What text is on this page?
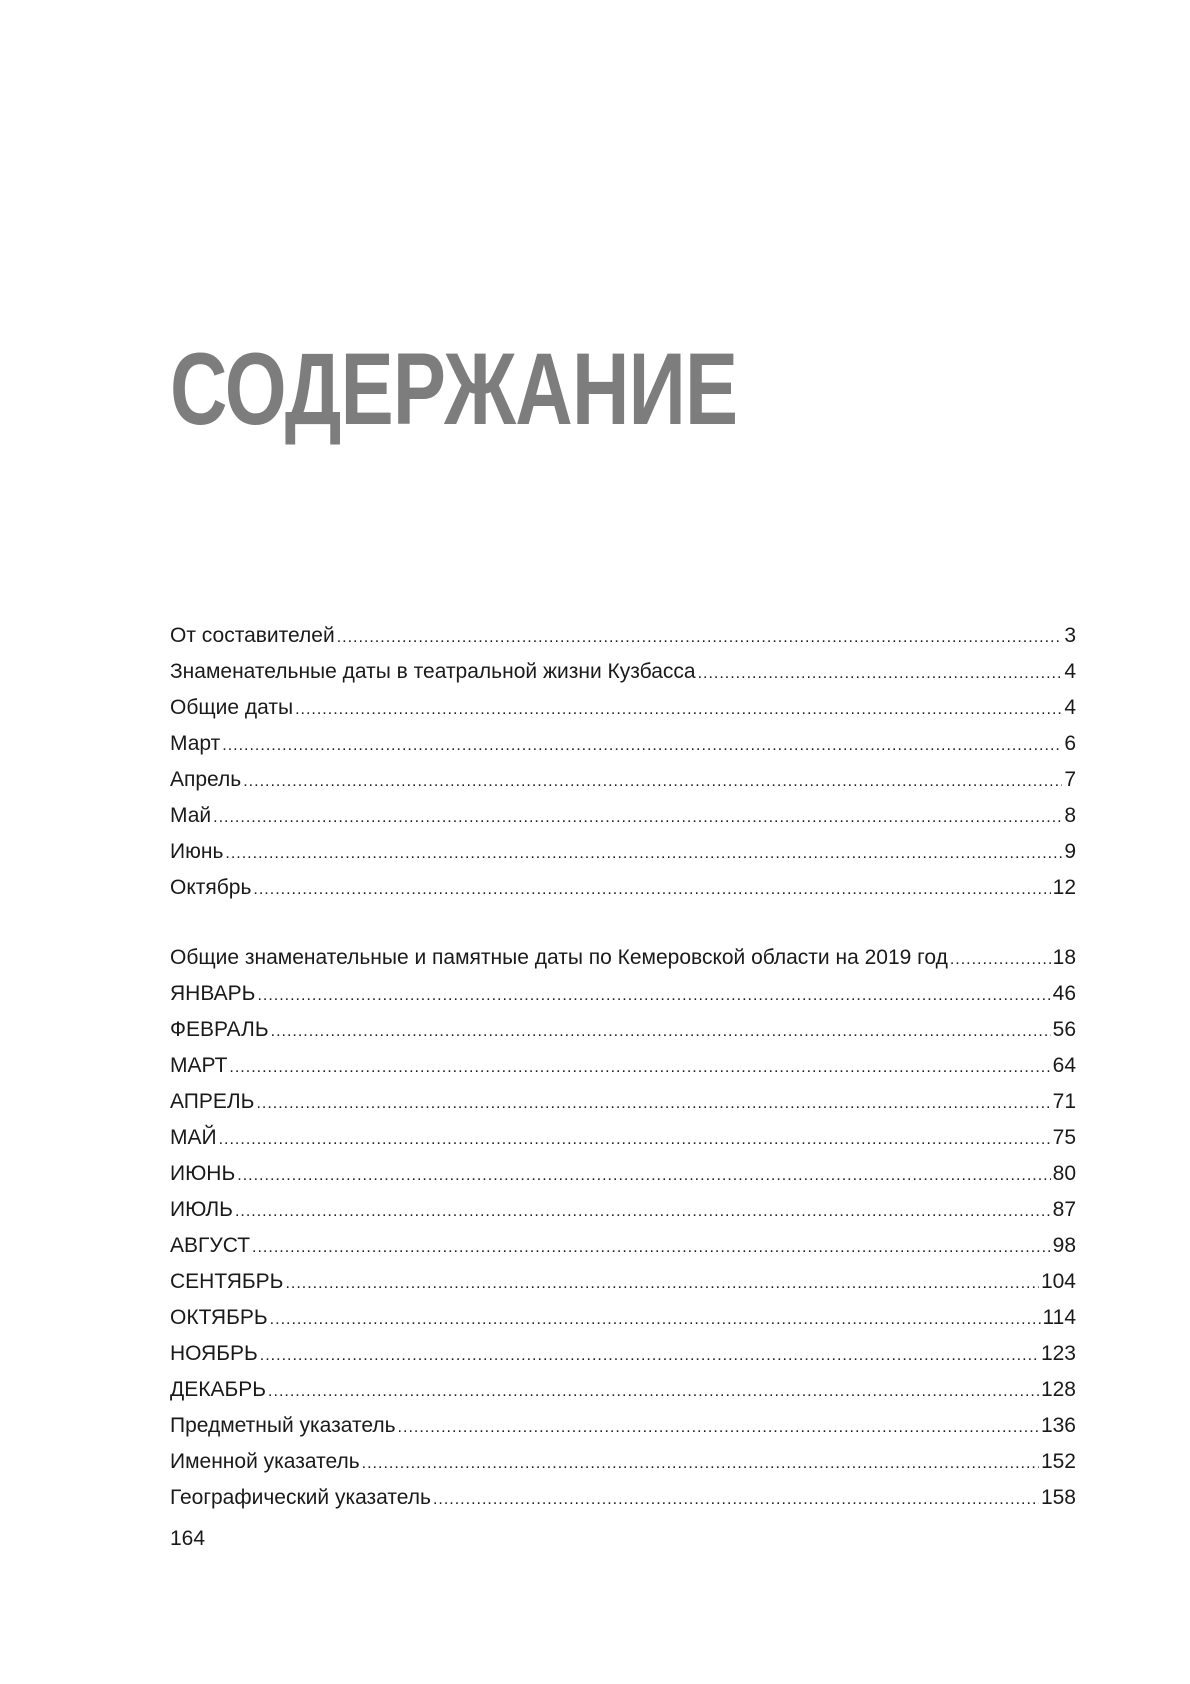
СОДЕРЖАНИЕ
От составителей .....	3
Знаменательные даты в театральной жизни Кузбасса .....	4
Общие даты .....	4
Март .....	6
Апрель .....	7
Май .....	8
Июнь .....	9
Октябрь .....	12
Общие знаменательные и памятные даты по Кемеровской области на 2019 год .....	18
ЯНВАРЬ .....	46
ФЕВРАЛЬ .....	56
МАРТ .....	64
АПРЕЛЬ .....	71
МАЙ .....	75
ИЮНЬ .....	80
ИЮЛЬ .....	87
АВГУСТ .....	98
СЕНТЯБРЬ .....	104
ОКТЯБРЬ .....	114
НОЯБРЬ .....	123
ДЕКАБРЬ .....	128
Предметный указатель .....	136
Именной указатель .....	152
Географический указатель .....	158
164
